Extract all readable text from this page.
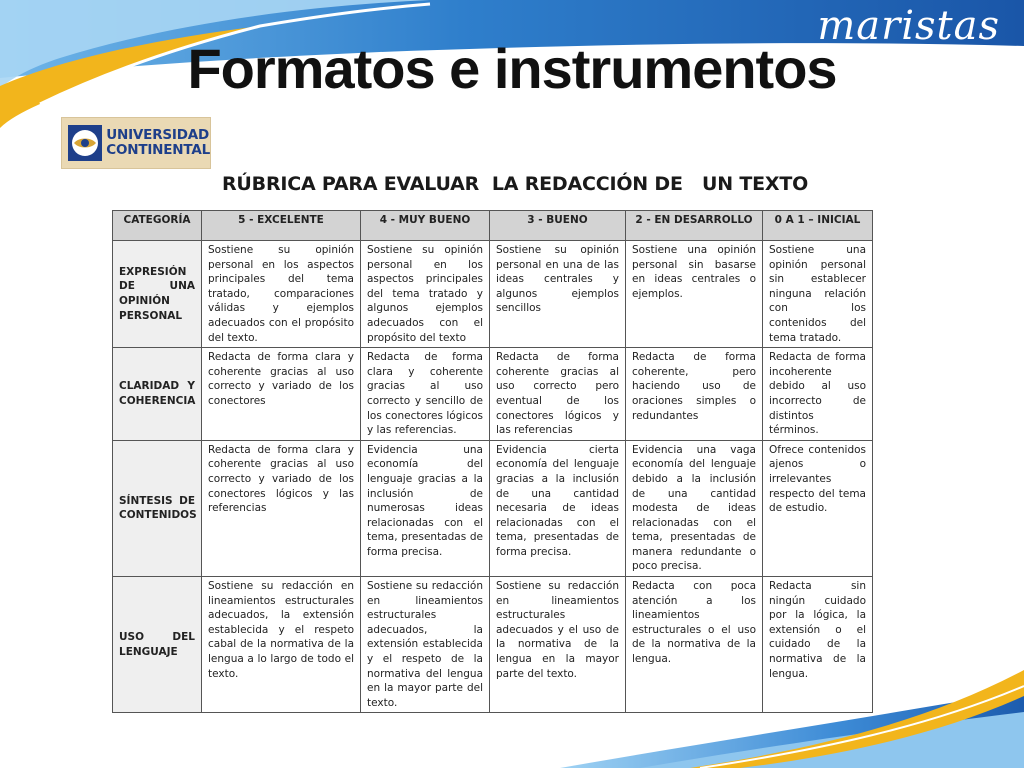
maristas
Formatos e instrumentos
UNIVERSIDAD
CONTINENTAL
RÚBRICA PARA EVALUAR  LA REDACCIÓN DE   UN TEXTO
CATEGORÍA	5 - EXCELENTE	4 - MUY BUENO	3 - BUENO	2 - EN DESARROLLO	0 A 1 – INICIAL
EXPRESIÓN DE UNA OPINIÓN PERSONAL	Sostiene su opinión personal en los aspectos principales del tema tratado, comparaciones válidas y ejemplos adecuados con el propósito del texto.	Sostiene su opinión personal en los aspectos principales del tema tratado y algunos ejemplos adecuados con el propósito del texto	Sostiene su opinión personal en una de las ideas centrales y algunos ejemplos sencillos	Sostiene una opinión personal sin basarse en ideas centrales o ejemplos.	Sostiene una opinión personal sin establecer ninguna relación con los contenidos del tema tratado.
CLARIDAD Y COHERENCIA	Redacta de forma clara y coherente gracias al uso correcto y variado de los conectores	Redacta de forma clara y coherente gracias al uso correcto y sencillo de los conectores lógicos y las referencias.	Redacta de forma coherente gracias al uso correcto pero eventual de los conectores lógicos y las referencias	Redacta de forma coherente, pero haciendo uso de oraciones simples o redundantes	Redacta de forma incoherente debido al uso incorrecto de distintos términos.
SÍNTESIS DE CONTENIDOS	Redacta de forma clara y coherente gracias al uso correcto y variado de los conectores lógicos y las referencias	Evidencia una economía del lenguaje gracias a la inclusión de numerosas ideas relacionadas con el tema, presentadas de forma precisa.	Evidencia cierta economía del lenguaje gracias a la inclusión de una cantidad necesaria de ideas relacionadas con el tema, presentadas de forma precisa.	Evidencia una vaga economía del lenguaje debido a la inclusión de una cantidad modesta de ideas relacionadas con el tema, presentadas de manera redundante o poco precisa.	Ofrece contenidos ajenos o irrelevantes respecto del tema de estudio.
USO DEL LENGUAJE	Sostiene su redacción en lineamientos estructurales adecuados, la extensión establecida y el respeto cabal de la normativa de la lengua a lo largo de todo el texto.	Sostiene su redacción en lineamientos estructurales adecuados, la extensión establecida y el respeto de la normativa del lengua en la mayor parte del texto.	Sostiene su redacción en lineamientos estructurales adecuados y el uso de la normativa de la lengua en la mayor parte del texto.	Redacta con poca atención a los lineamientos estructurales o el uso de la normativa de la lengua.	Redacta sin ningún cuidado por la lógica, la extensión o el cuidado de la normativa de la lengua.
